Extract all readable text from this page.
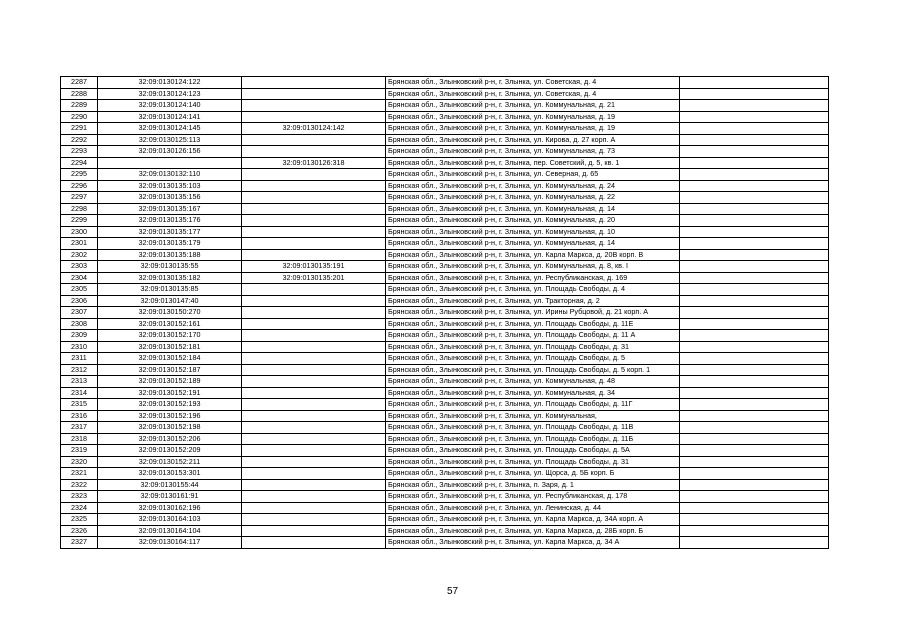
2287	32:09:0130124:122		Брянская обл., Злынковский р-н, г. Злынка, ул. Советская, д. 4	
2288	32:09:0130124:123		Брянская обл., Злынковский р-н, г. Злынка, ул. Советская, д. 4	
2289	32:09:0130124:140		Брянская обл., Злынковский р-н, г. Злынка, ул. Коммунальная, д. 21	
2290	32:09:0130124:141		Брянская обл., Злынковский р-н, г. Злынка, ул. Коммунальная, д. 19	
2291	32:09:0130124:145	32:09:0130124:142	Брянская обл., Злынковский р-н, г. Злынка, ул. Коммунальная, д. 19	
2292	32:09:0130125:113		Брянская обл., Злынковский р-н, г. Злынка, ул. Кирова, д. 27 корп. А	
2293	32:09:0130126:156		Брянская обл., Злынковский р-н, г. Злынка, ул. Коммунальная, д. 73	
2294		32:09:0130126:318	Брянская обл., Злынковский р-н, г. Злынка, пер. Советский, д. 5, кв. 1	
2295	32:09:0130132:110		Брянская обл., Злынковский р-н, г. Злынка, ул. Северная, д. 65	
2296	32:09:0130135:103		Брянская обл., Злынковский р-н, г. Злынка, ул. Коммунальная, д. 24	
2297	32:09:0130135:156		Брянская обл., Злынковский р-н, г. Злынка, ул. Коммунальная, д. 22	
2298	32:09:0130135:167		Брянская обл., Злынковский р-н, г. Злынка, ул. Коммунальная, д. 14	
2299	32:09:0130135:176		Брянская обл., Злынковский р-н, г. Злынка, ул. Коммунальная, д. 20	
2300	32:09:0130135:177		Брянская обл., Злынковский р-н, г. Злынка, ул. Коммунальная, д. 10	
2301	32:09:0130135:179		Брянская обл., Злынковский р-н, г. Злынка, ул. Коммунальная, д. 14	
2302	32:09:0130135:188		Брянская обл., Злынковский р-н, г. Злынка, ул. Карла Маркса, д. 20В корп. В	
2303	32:09:0130135:55	32:09:0130135:191	Брянская обл., Злынковский р-н, г. Злынка, ул. Коммунальная, д. 8, кв. I	
2304	32:09:0130135:182	32:09:0130135:201	Брянская обл., Злынковский р-н, г. Злынка, ул. Республиканская, д. 169	
2305	32:09:0130135:85		Брянская обл., Злынковский р-н, г. Злынка, ул. Площадь Свободы, д. 4	
2306	32:09:0130147:40		Брянская обл., Злынковский р-н, г. Злынка, ул. Тракторная, д. 2	
2307	32:09:0130150:270		Брянская обл., Злынковский р-н, г. Злынка, ул. Ирины Рубцовой, д. 21 корп. А	
2308	32:09:0130152:161		Брянская обл., Злынковский р-н, г. Злынка, ул. Площадь Свободы, д. 11Е	
2309	32:09:0130152:170		Брянская обл., Злынковский р-н, г. Злынка, ул. Площадь Свободы, д. 11 А	
2310	32:09:0130152:181		Брянская обл., Злынковский р-н, г. Злынка, ул. Площадь Свободы, д. 31	
2311	32:09:0130152:184		Брянская обл., Злынковский р-н, г. Злынка, ул. Площадь Свободы, д. 5	
2312	32:09:0130152:187		Брянская обл., Злынковский р-н, г. Злынка, ул. Площадь Свободы, д. 5 корп. 1	
2313	32:09:0130152:189		Брянская обл., Злынковский р-н, г. Злынка, ул. Коммунальная, д. 48	
2314	32:09:0130152:191		Брянская обл., Злынковский р-н, г. Злынка, ул. Коммунальная, д. 34	
2315	32:09:0130152:193		Брянская обл., Злынковский р-н, г. Злынка, ул. Площадь Свободы, д. 11Г	
2316	32:09:0130152:196		Брянская обл., Злынковский р-н, г. Злынка, ул. Коммунальная,	
2317	32:09:0130152:198		Брянская обл., Злынковский р-н, г. Злынка, ул. Площадь Свободы, д. 11В	
2318	32:09:0130152:206		Брянская обл., Злынковский р-н, г. Злынка, ул. Площадь Свободы, д. 11Б	
2319	32:09:0130152:209		Брянская обл., Злынковский р-н, г. Злынка, ул. Площадь Свободы, д. 5А	
2320	32:09:0130152:211		Брянская обл., Злынковский р-н, г. Злынка, ул. Площадь Свободы, д. 31	
2321	32:09:0130153:301		Брянская обл., Злынковский р-н, г. Злынка, ул. Щорса, д. 5Б корп. Б	
2322	32:09:0130155:44		Брянская обл., Злынковский р-н, г. Злынка, п. Заря, д. 1	
2323	32:09:0130161:91		Брянская обл., Злынковский р-н, г. Злынка, ул. Республиканская, д. 178	
2324	32:09:0130162:196		Брянская обл., Злынковский р-н, г. Злынка, ул. Ленинская, д. 44	
2325	32:09:0130164:103		Брянская обл., Злынковский р-н, г. Злынка, ул. Карла Маркса, д. 34А корп. А	
2326	32:09:0130164:104		Брянская обл., Злынковский р-н, г. Злынка, ул. Карла Маркса, д. 28Б корп. Б	
2327	32:09:0130164:117		Брянская обл., Злынковский р-н, г. Злынка, ул. Карла Маркса, д. 34 А	
57
